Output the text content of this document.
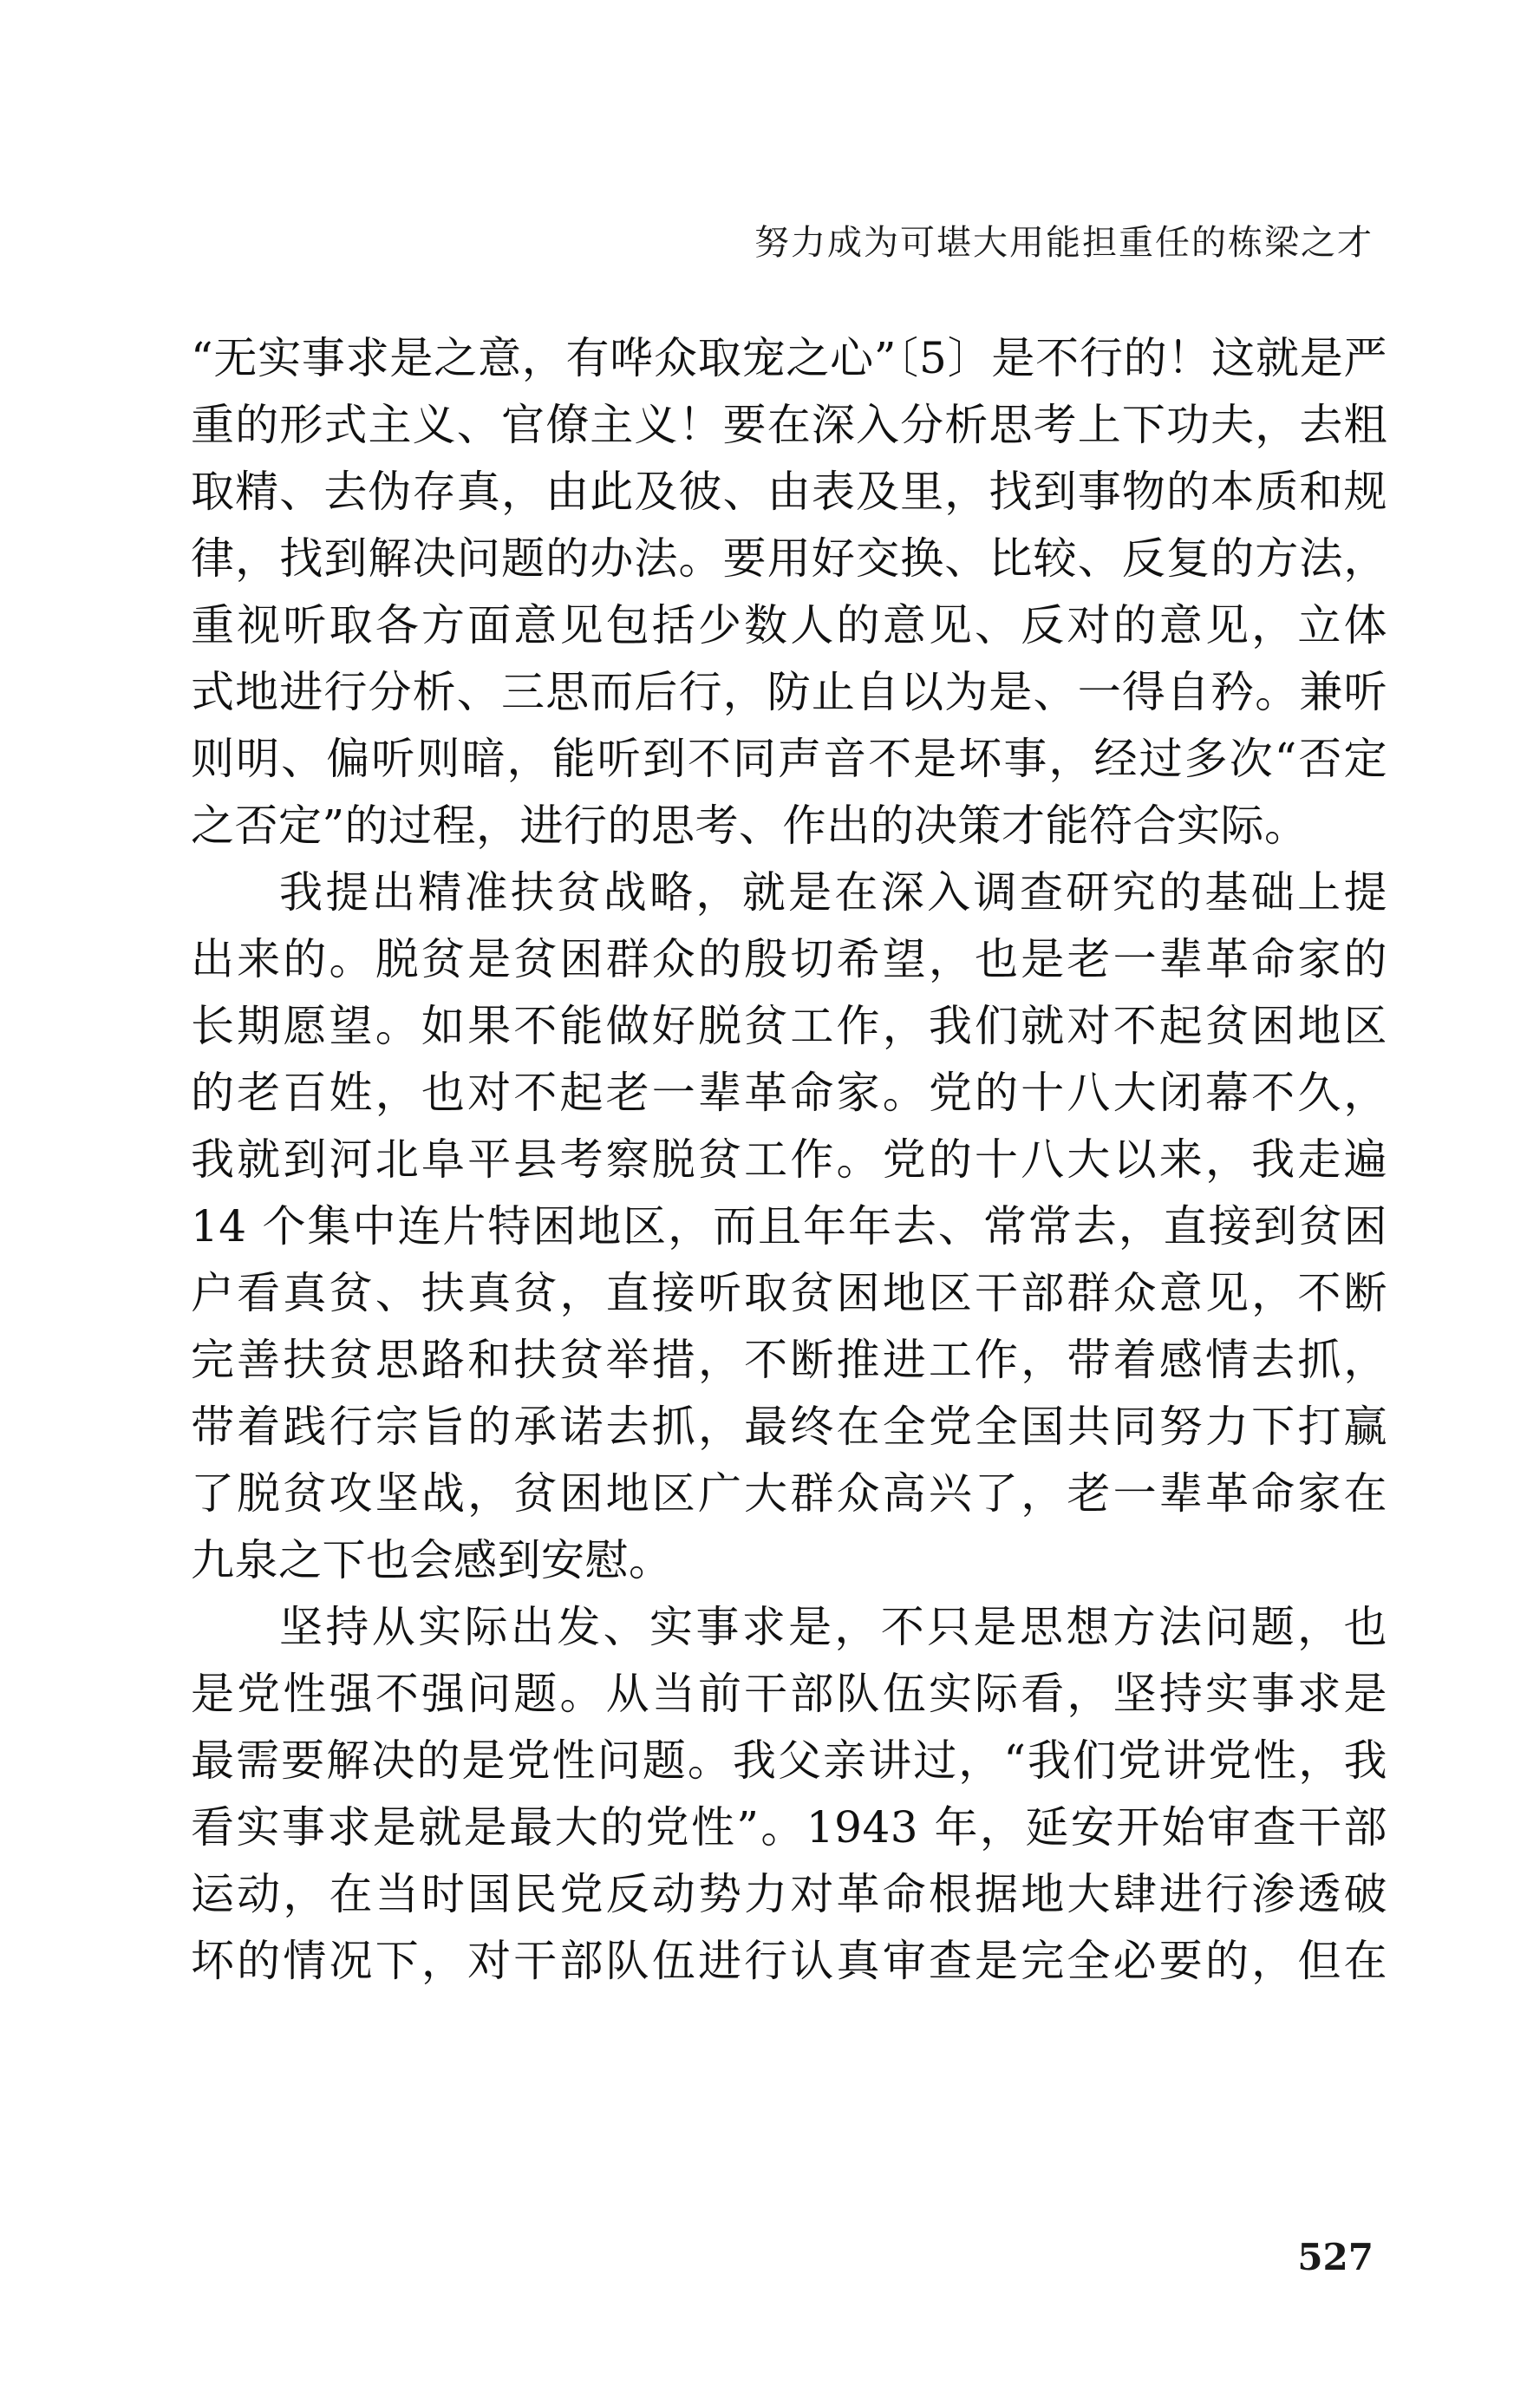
努力成为可堪大用能担重任的栋梁之才
“无实事求是之意，有哗众取宠之心”〔5〕是不行的！这就是严
重的形式主义、官僚主义！要在深入分析思考上下功夫，去粗
取精、去伪存真，由此及彼、由表及里，找到事物的本质和规
律，找到解决问题的办法。要用好交换、比较、反复的方法，
重视听取各方面意见包括少数人的意见、反对的意见，立体
式地进行分析、三思而后行，防止自以为是、一得自矜。兼听
则明、偏听则暗，能听到不同声音不是坏事，经过多次“否定
之否定”的过程，进行的思考、作出的决策才能符合实际。
我提出精准扶贫战略，就是在深入调查研究的基础上提
出来的。脱贫是贫困群众的殷切希望，也是老一辈革命家的
长期愿望。如果不能做好脱贫工作，我们就对不起贫困地区
的老百姓，也对不起老一辈革命家。党的十八大闭幕不久，
我就到河北阜平县考察脱贫工作。党的十八大以来，我走遍
14 个集中连片特困地区，而且年年去、常常去，直接到贫困
户看真贫、扶真贫，直接听取贫困地区干部群众意见，不断
完善扶贫思路和扶贫举措，不断推进工作，带着感情去抓，
带着践行宗旨的承诺去抓，最终在全党全国共同努力下打赢
了脱贫攻坚战，贫困地区广大群众高兴了，老一辈革命家在
九泉之下也会感到安慰。
坚持从实际出发、实事求是，不只是思想方法问题，也
是党性强不强问题。从当前干部队伍实际看，坚持实事求是
最需要解决的是党性问题。我父亲讲过，“我们党讲党性，我
看实事求是就是最大的党性”。1943 年，延安开始审查干部
运动，在当时国民党反动势力对革命根据地大肆进行渗透破
坏的情况下，对干部队伍进行认真审查是完全必要的，但在
527
